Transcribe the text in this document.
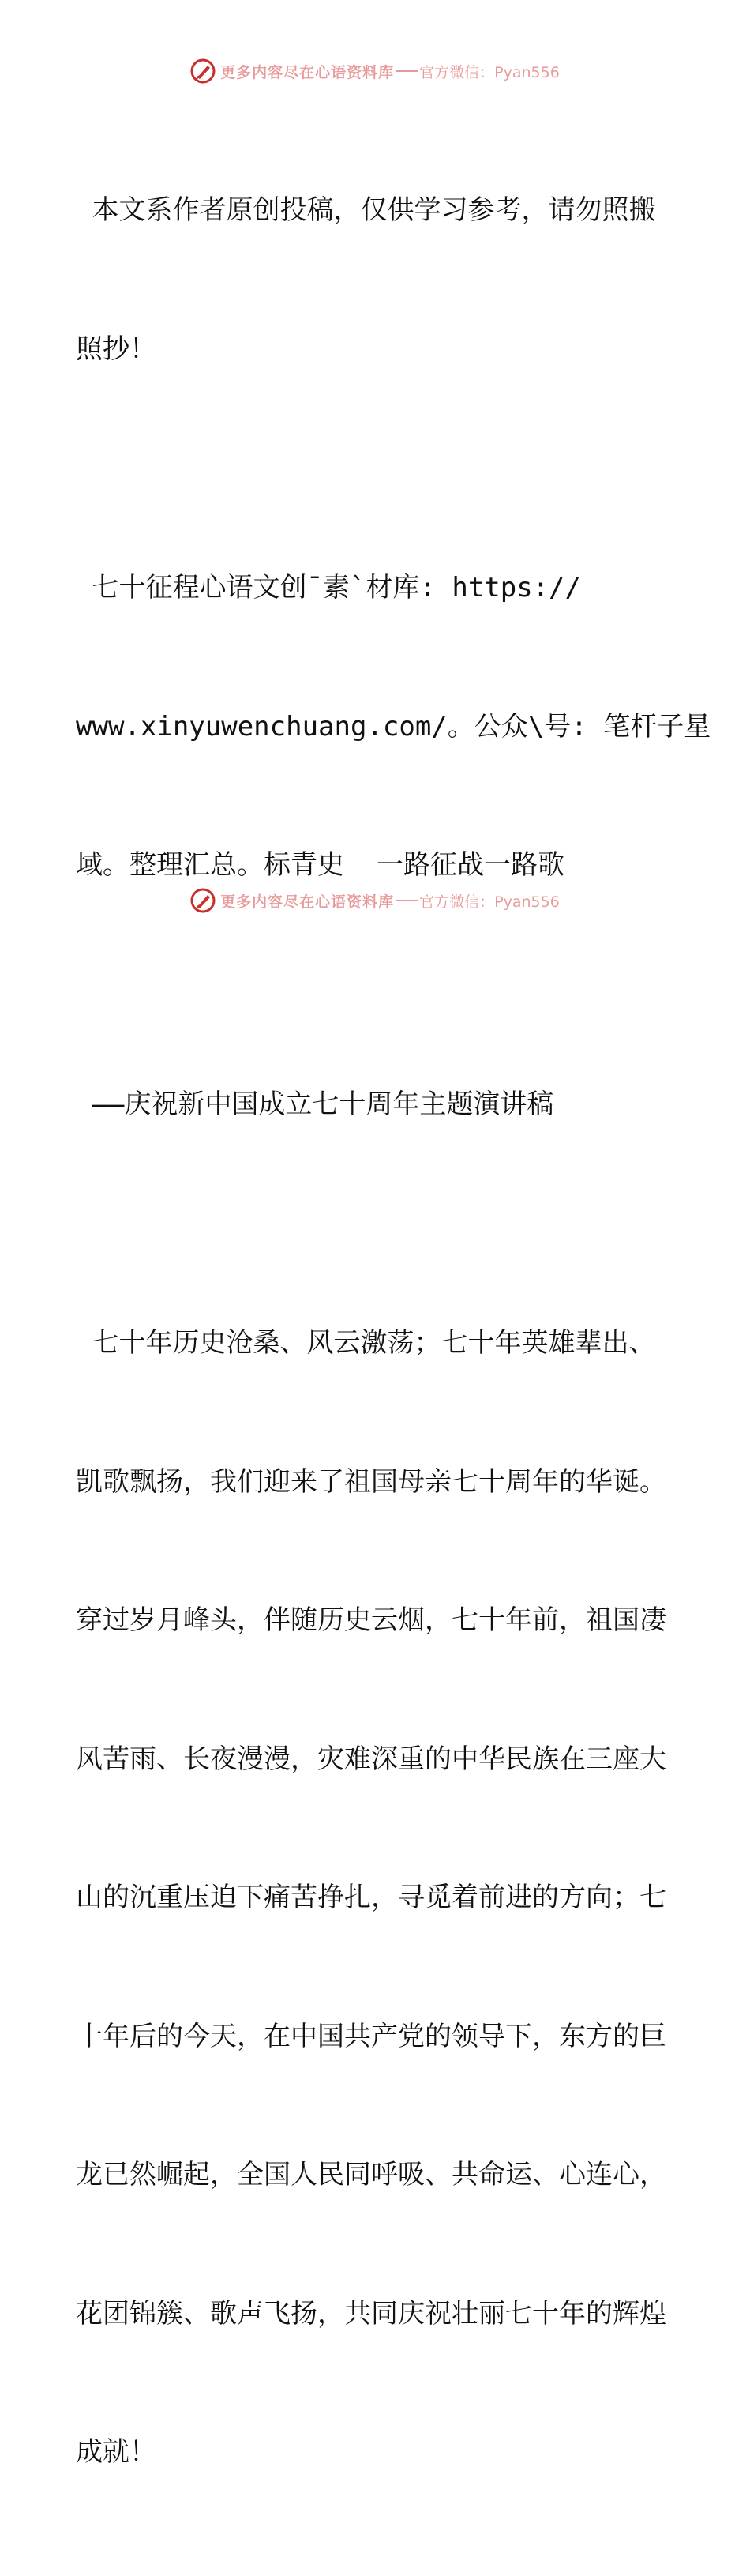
更多内容尽在心语资料库 官方微信：Pyan556

本文系作者原创投稿，仅供学习参考，请勿照搬

照抄！

七十征程心语文创¯素`材库: https://

www.xinyuwenchuang.com/。公众\号: 笔杆子星

域。整理汇总。标青史  一路征战一路歌

——庆祝新中国成立七十周年主题演讲稿

七十年历史沧桑、风云激荡；七十年英雄辈出、

凯歌飘扬，我们迎来了祖国母亲七十周年的华诞。

穿过岁月峰头，伴随历史云烟，七十年前，祖国凄

风苦雨、长夜漫漫，灾难深重的中华民族在三座大

山的沉重压迫下痛苦挣扎，寻觅着前进的方向；七

十年后的今天，在中国共产党的领导下，东方的巨

龙已然崛起，全国人民同呼吸、共命运、心连心，

花团锦簇、歌声飞扬，共同庆祝壮丽七十年的辉煌

成就！

更多内容尽在心语资料库 官方微信：Pyan556
